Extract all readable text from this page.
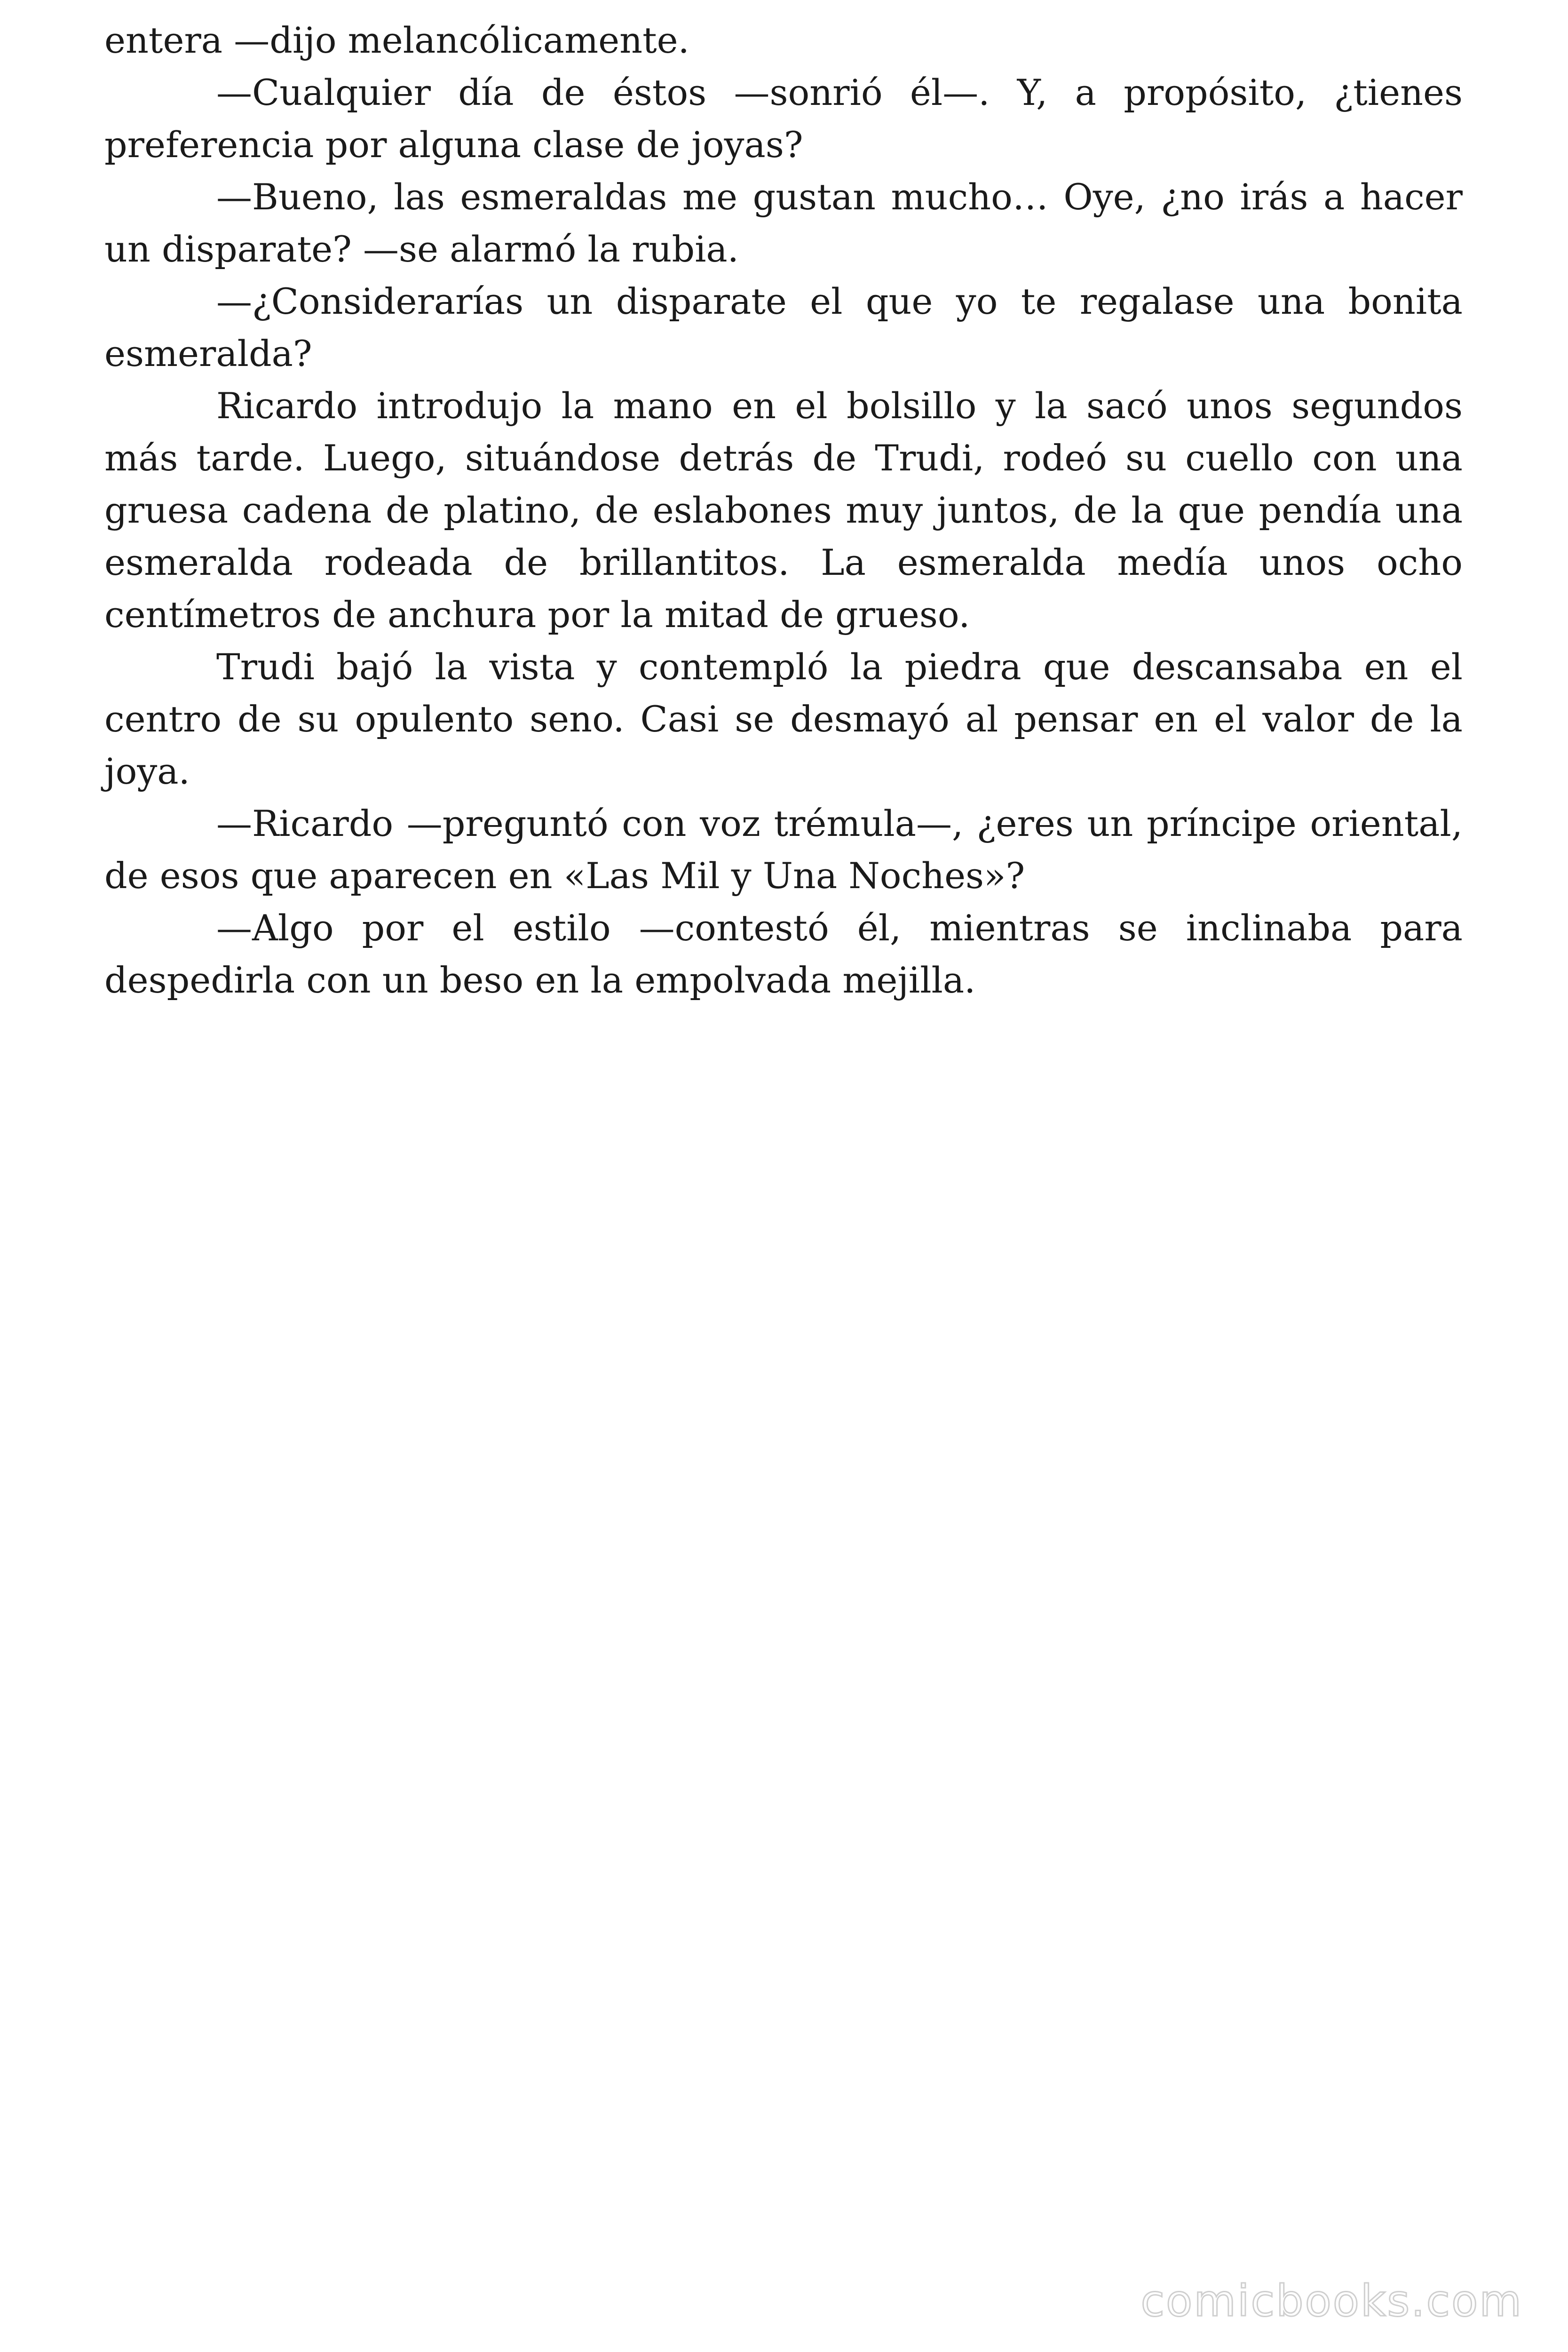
entera —dijo melancólicamente.

—Cualquier día de éstos —sonrió él—. Y, a propósito, ¿tienes preferencia por alguna clase de joyas?

—Bueno, las esmeraldas me gustan mucho… Oye, ¿no irás a hacer un disparate? —se alarmó la rubia.

—¿Considerarías un disparate el que yo te regalase una bonita esmeralda?

Ricardo introdujo la mano en el bolsillo y la sacó unos segundos más tarde. Luego, situándose detrás de Trudi, rodeó su cuello con una gruesa cadena de platino, de eslabones muy juntos, de la que pendía una esmeralda rodeada de brillantitos. La esmeralda medía unos ocho centímetros de anchura por la mitad de grueso.

Trudi bajó la vista y contempló la piedra que descansaba en el centro de su opulento seno. Casi se desmayó al pensar en el valor de la joya.

—Ricardo —preguntó con voz trémula—, ¿eres un príncipe oriental, de esos que aparecen en «Las Mil y Una Noches»?

—Algo por el estilo —contestó él, mientras se inclinaba para despedirla con un beso en la empolvada mejilla.

comicbooks.com
